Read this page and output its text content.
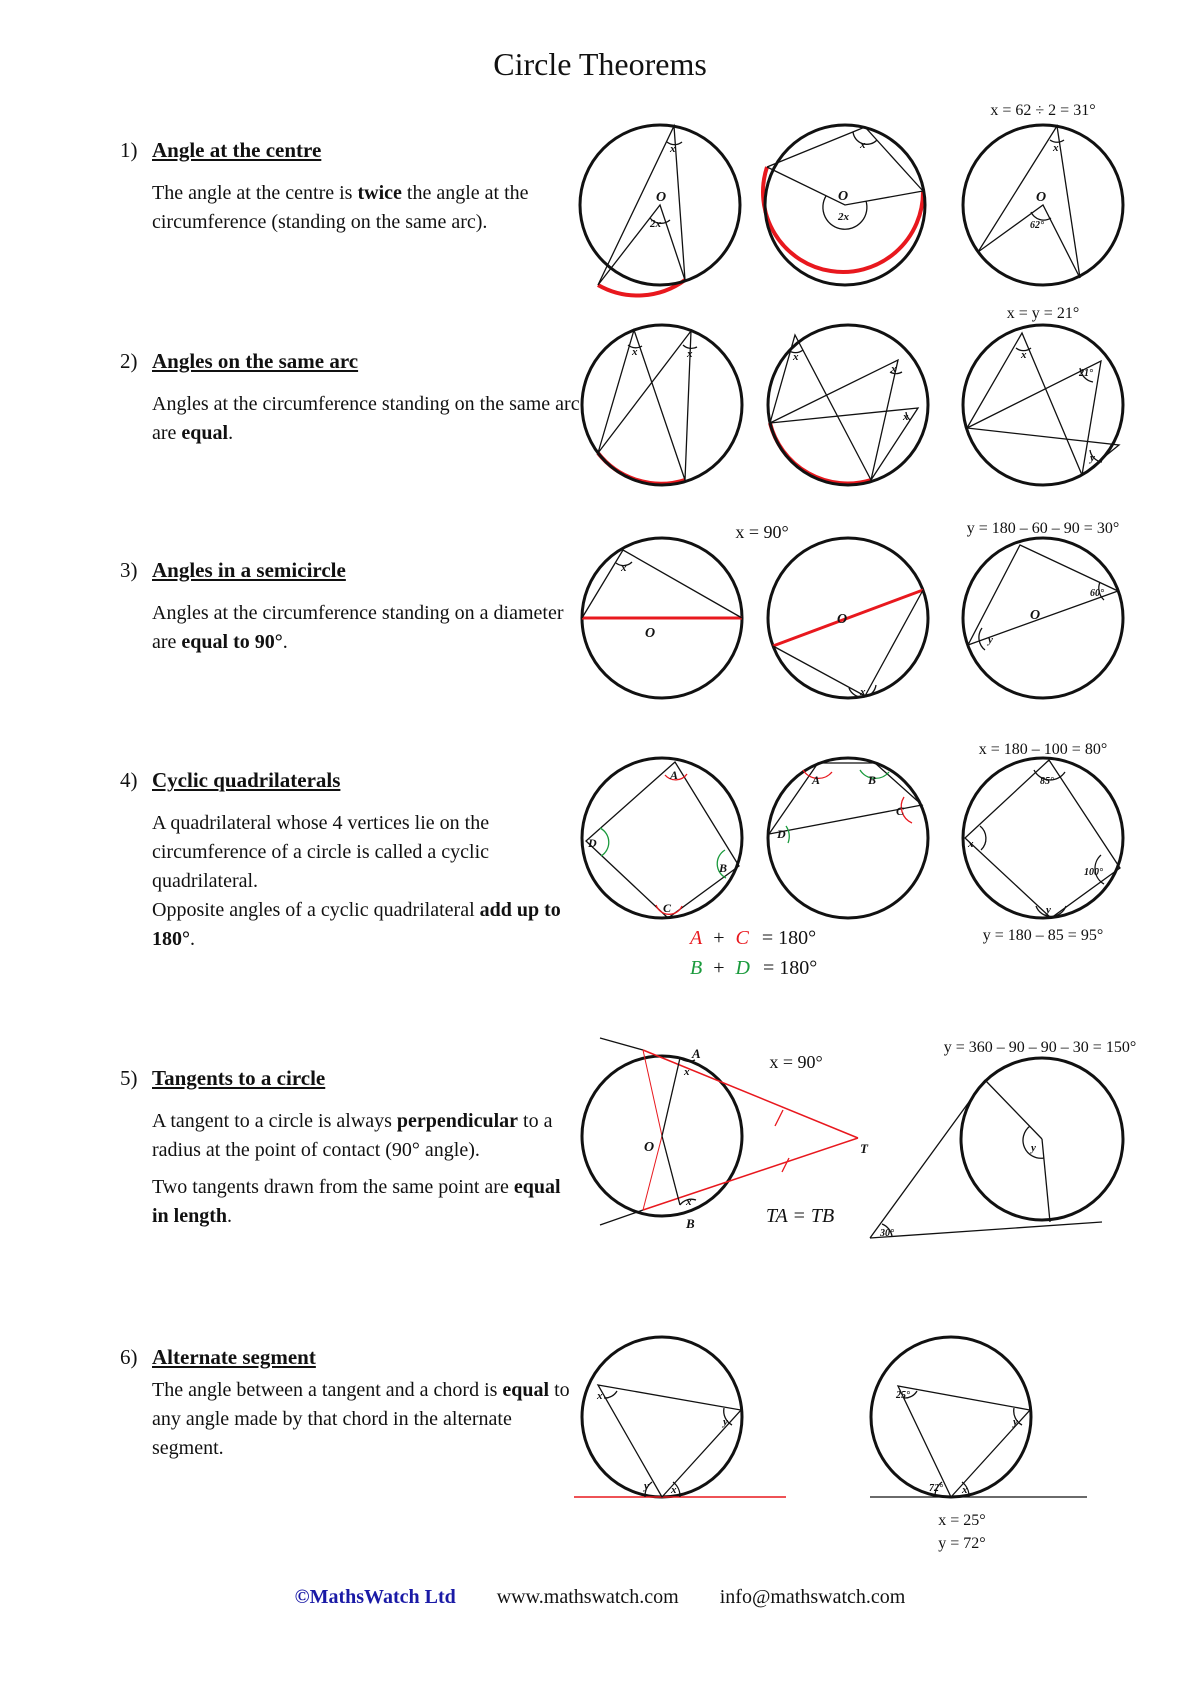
Circle Theorems
1) Angle at the centre

The angle at the centre is twice the angle at the circumference (standing on the same arc).

2) Angles on the same arc

Angles at the circumference standing on the same arc are equal.

3) Angles in a semicircle

Angles at the circumference standing on a diameter are equal to 90°.

4) Cyclic quadrilaterals

A quadrilateral whose 4 vertices lie on the circumference of a circle is called a cyclic quadrilateral.

Opposite angles of a cyclic quadrilateral add up to 180°.

5) Tangents to a circle

A tangent to a circle is always perpendicular to a radius at the point of contact (90° angle).

Two tangents drawn from the same point are equal in length.

6) Alternate segment

The angle between a tangent and a chord is equal to any angle made by that chord in the alternate segment.

O
x
2x
O
x
2x
O
x
62°
x	x	x
x
x
x
21°
y
O
x
O
x
O
y
60°
A
B
C
D
A	B
C
D
85°
100°
y
x
A
B
O	T
x
x
y
30°
x
y
y x
25°
y
72° x
x = 62 ÷ 2 = 31°
x = y = 21°
x = 90°	y = 180 – 60 – 90 = 30°
x = 180 – 100 = 80°
y = 180 – 85 = 95°
x = 90°
y = 360 – 90 – 90 – 30 = 150°
TA = TB
x = 25°
y = 72°
A + C = 180°
B + D = 180°
©MathsWatch Ltd www.mathswatch.com info@mathswatch.com
